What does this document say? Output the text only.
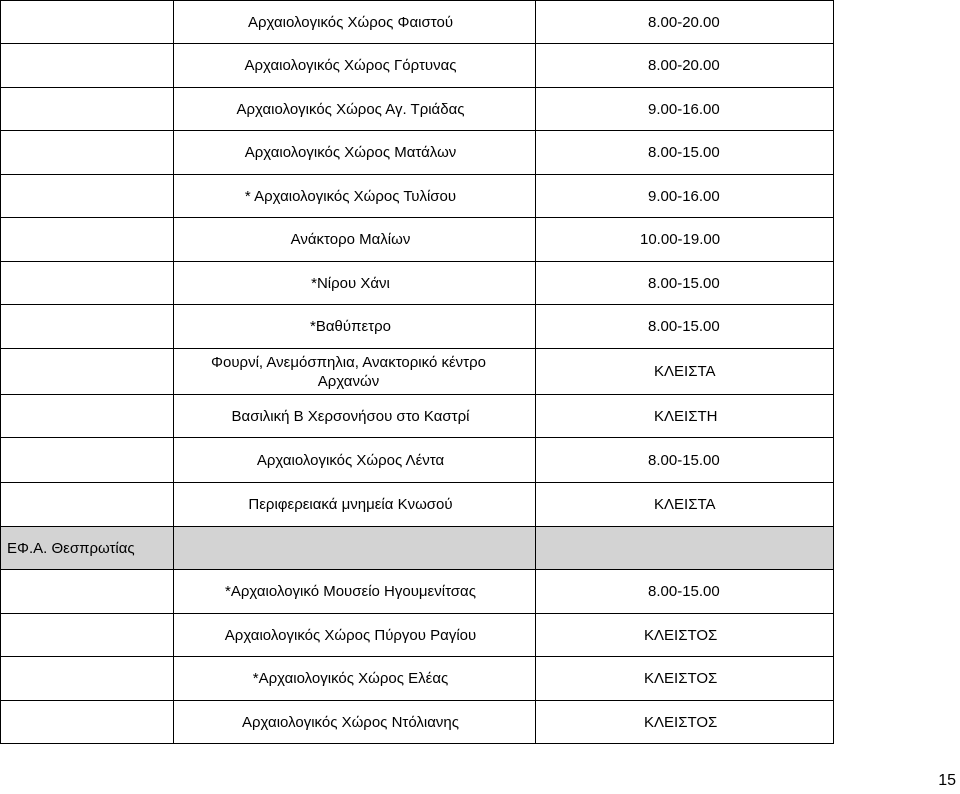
	Αρχαιολογικός Χώρος Φαιστού	8.00-20.00
	Αρχαιολογικός Χώρος Γόρτυνας	8.00-20.00
	Αρχαιολογικός Χώρος Αγ. Τριάδας	9.00-16.00
	Αρχαιολογικός Χώρος Ματάλων	8.00-15.00
	* Αρχαιολογικός Χώρος Τυλίσου	9.00-16.00
	Ανάκτορο Μαλίων	10.00-19.00
	*Νίρου Χάνι	8.00-15.00
	*Βαθύπετρο	8.00-15.00
	Φουρνί, Ανεμόσπηλια, Ανακτορικό κέντρο Αρχανών	ΚΛΕΙΣΤΑ
	Βασιλική Β Χερσονήσου στο Καστρί	ΚΛΕΙΣΤΗ
	Αρχαιολογικός Χώρος Λέντα	8.00-15.00
	Περιφερειακά μνημεία Κνωσού	ΚΛΕΙΣΤΑ
ΕΦ.Α. Θεσπρωτίας		
	*Αρχαιολογικό Μουσείο Ηγουμενίτσας	8.00-15.00
	Αρχαιολογικός Χώρος Πύργου Ραγίου	ΚΛΕΙΣΤΟΣ
	*Αρχαιολογικός Χώρος Ελέας	ΚΛΕΙΣΤΟΣ
	Αρχαιολογικός Χώρος Ντόλιανης	ΚΛΕΙΣΤΟΣ
15
